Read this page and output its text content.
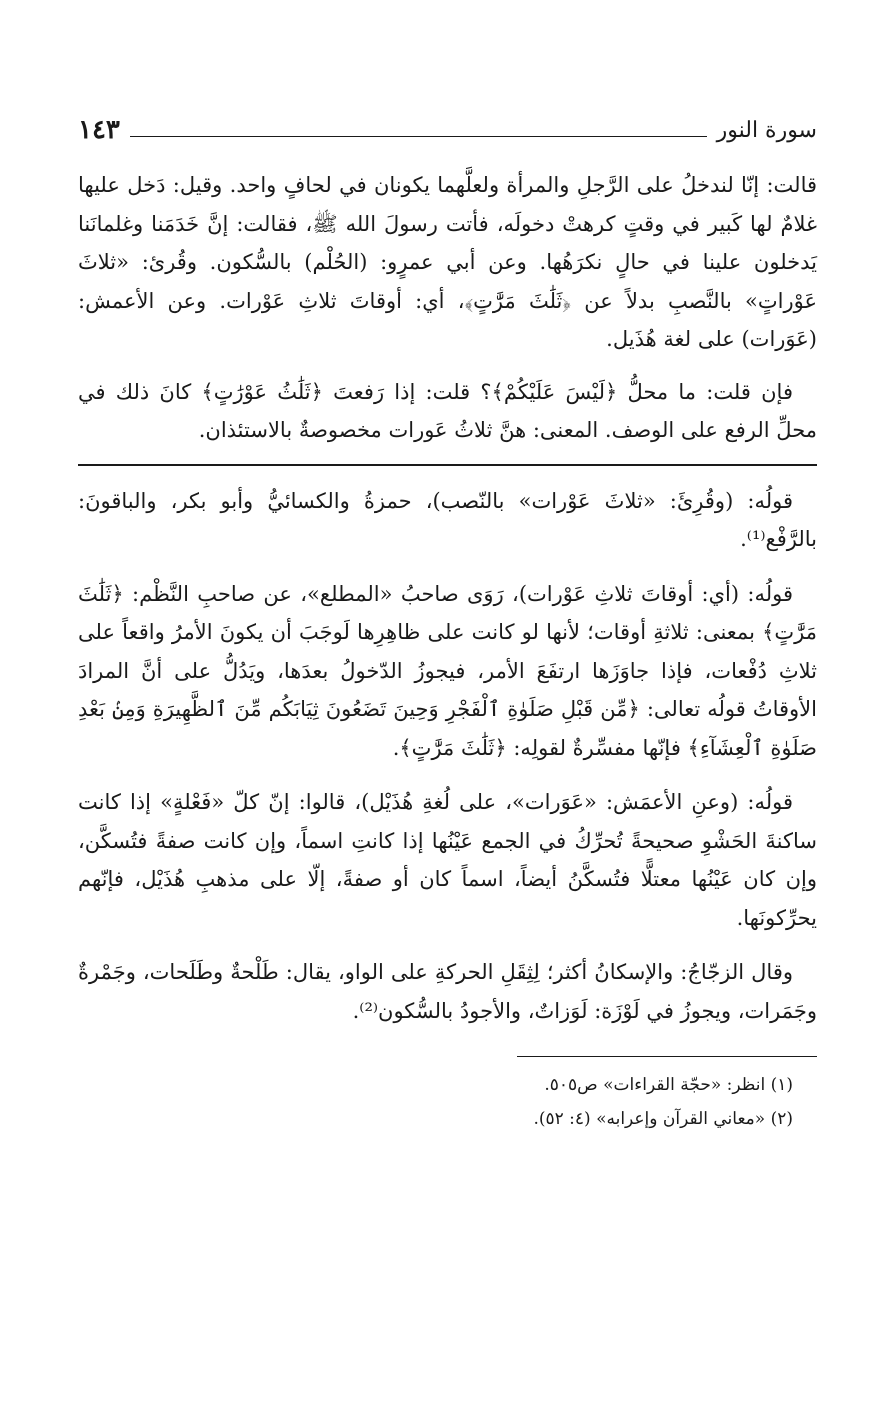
سورة النور
١٤٣

قالت: إنّا لندخلُ على الرَّجلِ والمرأة ولعلَّهما يكونان في لحافٍ واحد. وقيل: دَخل عليها غلامٌ لها كَبير في وقتٍ كرهتْ دخولَه، فأتت رسولَ الله ﷺ، فقالت: إنَّ خَدَمَنا وغلمانَنا يَدخلون علينا في حالٍ نكرَهُها. وعن أبي عمرٍو: (الحُلْم) بالسُّكون. وقُرئ: «ثلاثَ عَوْراتٍ» بالنَّصبِ بدلاً عن ﴿ثَلَٰثَ مَرَّٰتٍ﴾، أي: أوقاتَ ثلاثِ عَوْرات. وعن الأعمش: (عَوَرات) على لغة هُذَيل.

فإن قلت: ما محلُّ ﴿لَيْسَ عَلَيْكُمْ﴾؟ قلت: إذا رَفعتَ ﴿ثَلَٰثُ عَوْرَٰتٍ﴾ كانَ ذلك في محلِّ الرفع على الوصف. المعنى: هنَّ ثلاثُ عَورات مخصوصةٌ بالاستئذان.

قولُه: (وقُرِئَ: «ثلاثَ عَوْرات» بالنّصب)، حمزةُ والكسائيُّ وأبو بكر، والباقونَ: بالرَّفْع⁽¹⁾.

قولُه: (أي: أوقاتَ ثلاثِ عَوْرات)، رَوَى صاحبُ «المطلع»، عن صاحبِ النَّظْم: ﴿ثَلَٰثَ مَرَّٰتٍ﴾ بمعنى: ثلاثةِ أوقات؛ لأنها لو كانت على ظاهِرِها لَوجَبَ أن يكونَ الأمرُ واقعاً على ثلاثِ دُفْعات، فإذا جاوَزَها ارتفَعَ الأمر، فيجوزُ الدّخولُ بعدَها، ويَدُلُّ على أنَّ المرادَ الأوقاتُ قولُه تعالى: ﴿مِّن قَبْلِ صَلَوٰةِ ٱلْفَجْرِ وَحِينَ تَضَعُونَ ثِيَابَكُم مِّنَ ٱلظَّهِيرَةِ وَمِنۢ بَعْدِ صَلَوٰةِ ٱلْعِشَآءِ﴾ فإنّها مفسِّرةٌ لقولِه: ﴿ثَلَٰثَ مَرَّٰتٍ﴾.

قولُه: (وعنِ الأعمَش: «عَوَرات»، على لُغةِ هُذَيْل)، قالوا: إنّ كلّ «فَعْلةٍ» إذا كانت ساكنةَ الحَشْوِ صحيحةً تُحرِّكُ في الجمع عَيْنُها إذا كانتِ اسماً، وإن كانت صفةً فتُسكَّن، وإن كان عَيْنُها معتلًّا فتُسكَّنُ أيضاً، اسماً كان أو صفةً، إلّا على مذهبِ هُذَيْل، فإنّهم يحرِّكونَها.

وقال الزجّاجُ: والإسكانُ أكثر؛ لِثِقَلِ الحركةِ على الواو، يقال: طَلْحةٌ وطَلَحات، وجَمْرةٌ وجَمَرات، ويجوزُ في لَوْزَة: لَوَزاتٌ، والأجودُ بالسُّكون⁽²⁾.

(١) انظر: «حجّة القراءات» ص٥٠٥.

(٢) «معاني القرآن وإعرابه» (٤: ٥٢).
